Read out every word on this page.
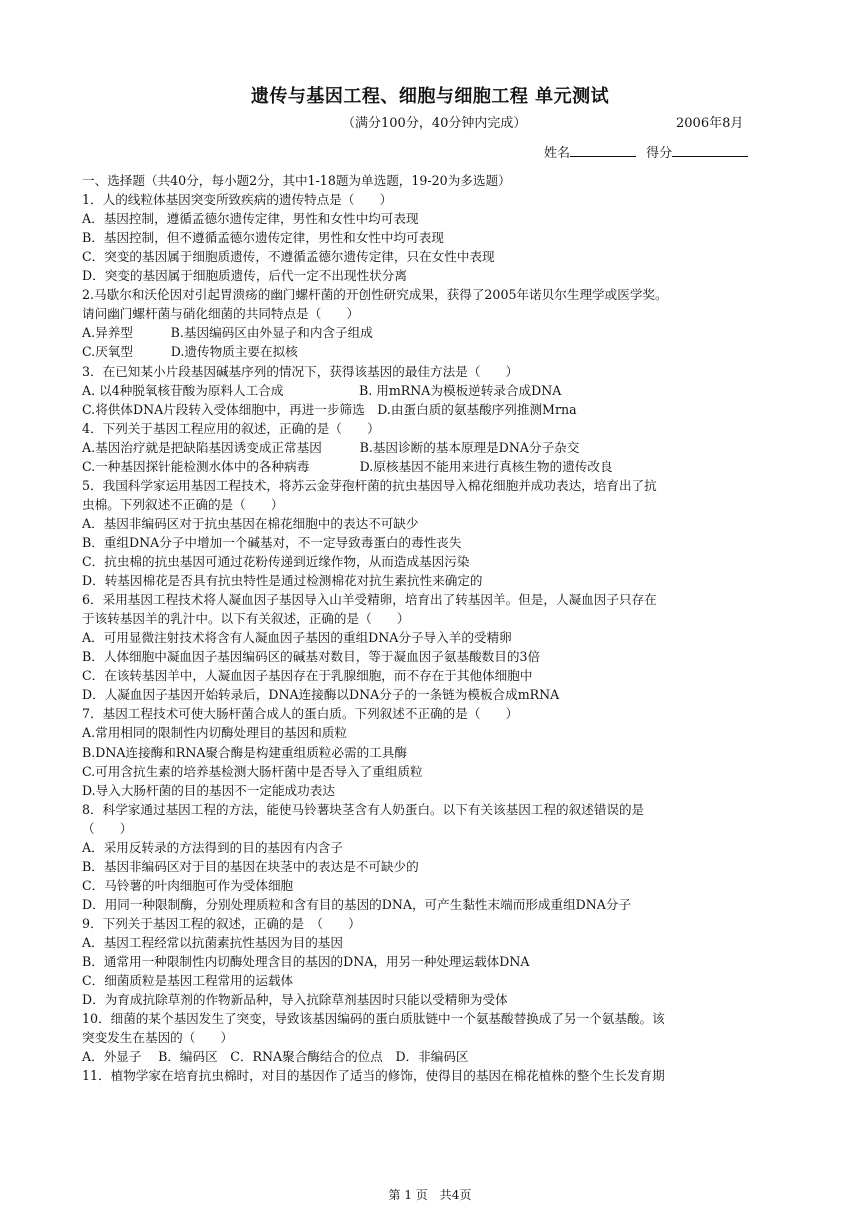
遗传与基因工程、细胞与细胞工程 单元测试
（满分100分，40分钟内完成）	2006年8月
姓名	得分
一、选择题（共40分，每小题2分，其中1-18题为单选题，19-20为多选题）
1．人的线粒体基因突变所致疾病的遗传特点是（　　）
A．基因控制，遵循孟德尔遗传定律，男性和女性中均可表现
B．基因控制，但不遵循孟德尔遗传定律，男性和女性中均可表现
C．突变的基因属于细胞质遗传，不遵循孟德尔遗传定律，只在女性中表现
D．突变的基因属于细胞质遗传，后代一定不出现性状分离
2.马歇尔和沃伦因对引起胃溃疡的幽门螺杆菌的开创性研究成果，获得了2005年诺贝尔生理学或医学奖。
请问幽门螺杆菌与硝化细菌的共同特点是（　　）
A.异养型　　　B.基因编码区由外显子和内含子组成
C.厌氧型　　　D.遗传物质主要在拟核
3．在已知某小片段基因碱基序列的情况下，获得该基因的最佳方法是（　　）
A. 以4种脱氧核苷酸为原料人工合成　　　　　　B. 用mRNA为模板逆转录合成DNA
C.将供体DNA片段转入受体细胞中，再进一步筛选　D.由蛋白质的氨基酸序列推测Mrna
4．下列关于基因工程应用的叙述，正确的是（　　）
A.基因治疗就是把缺陷基因诱变成正常基因　　　B.基因诊断的基本原理是DNA分子杂交
C.一种基因探针能检测水体中的各种病毒　　　　D.原核基因不能用来进行真核生物的遗传改良
5．我国科学家运用基因工程技术，将苏云金芽孢杆菌的抗虫基因导入棉花细胞并成功表达，培育出了抗
虫棉。下列叙述不正确的是（　　）
A．基因非编码区对于抗虫基因在棉花细胞中的表达不可缺少
B．重组DNA分子中增加一个碱基对，不一定导致毒蛋白的毒性丧失
C．抗虫棉的抗虫基因可通过花粉传递到近缘作物，从而造成基因污染
D．转基因棉花是否具有抗虫特性是通过检测棉花对抗生素抗性来确定的
6．采用基因工程技术将人凝血因子基因导入山羊受精卵，培育出了转基因羊。但是，人凝血因子只存在
于该转基因羊的乳汁中。以下有关叙述，正确的是（　　）
A．可用显微注射技术将含有人凝血因子基因的重组DNA分子导入羊的受精卵
B．人体细胞中凝血因子基因编码区的碱基对数目，等于凝血因子氨基酸数目的3倍
C．在该转基因羊中，人凝血因子基因存在于乳腺细胞，而不存在于其他体细胞中
D．人凝血因子基因开始转录后，DNA连接酶以DNA分子的一条链为模板合成mRNA
7．基因工程技术可使大肠杆菌合成人的蛋白质。下列叙述不正确的是（　　）
A.常用相同的限制性内切酶处理目的基因和质粒
B.DNA连接酶和RNA聚合酶是构建重组质粒必需的工具酶
C.可用含抗生素的培养基检测大肠杆菌中是否导入了重组质粒
D.导入大肠杆菌的目的基因不一定能成功表达
8．科学家通过基因工程的方法，能使马铃薯块茎含有人奶蛋白。以下有关该基因工程的叙述错误的是
（　　）
A．采用反转录的方法得到的目的基因有内含子
B．基因非编码区对于目的基因在块茎中的表达是不可缺少的
C．马铃薯的叶肉细胞可作为受体细胞
D．用同一种限制酶，分别处理质粒和含有目的基因的DNA，可产生黏性末端而形成重组DNA分子
9．下列关于基因工程的叙述，正确的是　（　　）
A．基因工程经常以抗菌素抗性基因为目的基因
B．通常用一种限制性内切酶处理含目的基因的DNA，用另一种处理运载体DNA
C．细菌质粒是基因工程常用的运载体
D．为育成抗除草剂的作物新品种，导入抗除草剂基因时只能以受精卵为受体
10．细菌的某个基因发生了突变，导致该基因编码的蛋白质肽链中一个氨基酸替换成了另一个氨基酸。该
突变发生在基因的（　　）
A．外显子　 B．编码区　C．RNA聚合酶结合的位点　D．非编码区
11．植物学家在培育抗虫棉时，对目的基因作了适当的修饰，使得目的基因在棉花植株的整个生长发育期
第 1 页　共4页
